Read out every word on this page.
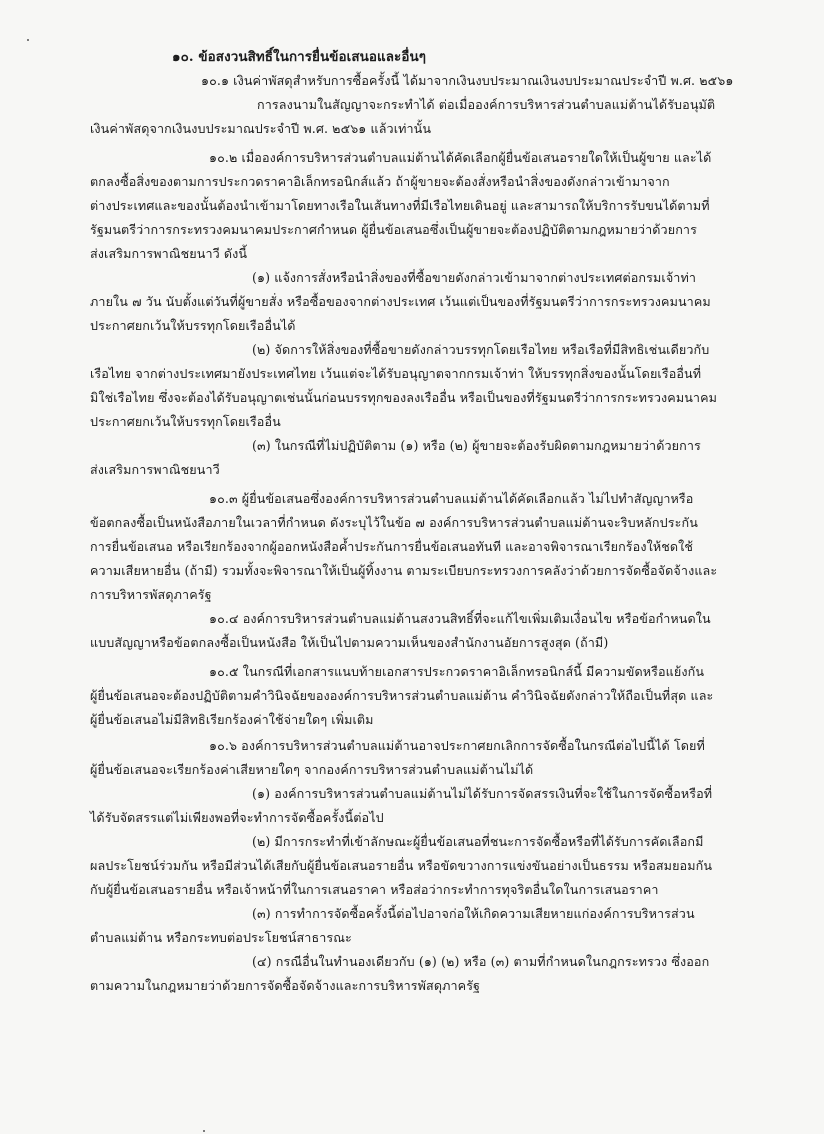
๑๐. ข้อสงวนสิทธิ์ในการยื่นข้อเสนอและอื่นๆ
๑๐.๑ เงินค่าพัสดุสำหรับการซื้อครั้งนี้ ได้มาจากเงินงบประมาณเงินงบประมาณประจำปี พ.ศ. ๒๕๖๑
การลงนามในสัญญาจะกระทำได้ ต่อเมื่อองค์การบริหารส่วนตำบลแม่ต้านได้รับอนุมัติ
เงินค่าพัสดุจากเงินงบประมาณประจำปี พ.ศ. ๒๕๖๑ แล้วเท่านั้น
๑๐.๒ เมื่อองค์การบริหารส่วนตำบลแม่ต้านได้คัดเลือกผู้ยื่นข้อเสนอรายใดให้เป็นผู้ขาย และได้
ตกลงซื้อสิ่งของตามการประกวดราคาอิเล็กทรอนิกส์แล้ว ถ้าผู้ขายจะต้องสั่งหรือนำสิ่งของดังกล่าวเข้ามาจาก
ต่างประเทศและของนั้นต้องนำเข้ามาโดยทางเรือในเส้นทางที่มีเรือไทยเดินอยู่ และสามารถให้บริการรับขนได้ตามที่
รัฐมนตรีว่าการกระทรวงคมนาคมประกาศกำหนด ผู้ยื่นข้อเสนอซึ่งเป็นผู้ขายจะต้องปฏิบัติตามกฎหมายว่าด้วยการ
ส่งเสริมการพาณิชยนาวี ดังนี้
(๑) แจ้งการสั่งหรือนำสิ่งของที่ซื้อขายดังกล่าวเข้ามาจากต่างประเทศต่อกรมเจ้าท่า
ภายใน ๗ วัน นับตั้งแต่วันที่ผู้ขายสั่ง หรือซื้อของจากต่างประเทศ เว้นแต่เป็นของที่รัฐมนตรีว่าการกระทรวงคมนาคม
ประกาศยกเว้นให้บรรทุกโดยเรืออื่นได้
(๒) จัดการให้สิ่งของที่ซื้อขายดังกล่าวบรรทุกโดยเรือไทย หรือเรือที่มีสิทธิเช่นเดียวกับ
เรือไทย จากต่างประเทศมายังประเทศไทย เว้นแต่จะได้รับอนุญาตจากกรมเจ้าท่า ให้บรรทุกสิ่งของนั้นโดยเรืออื่นที่
มิใช่เรือไทย ซึ่งจะต้องได้รับอนุญาตเช่นนั้นก่อนบรรทุกของลงเรืออื่น หรือเป็นของที่รัฐมนตรีว่าการกระทรวงคมนาคม
ประกาศยกเว้นให้บรรทุกโดยเรืออื่น
(๓) ในกรณีที่ไม่ปฏิบัติตาม (๑) หรือ (๒) ผู้ขายจะต้องรับผิดตามกฎหมายว่าด้วยการ
ส่งเสริมการพาณิชยนาวี
๑๐.๓ ผู้ยื่นข้อเสนอซึ่งองค์การบริหารส่วนตำบลแม่ต้านได้คัดเลือกแล้ว ไม่ไปทำสัญญาหรือ
ข้อตกลงซื้อเป็นหนังสือภายในเวลาที่กำหนด ดังระบุไว้ในข้อ ๗ องค์การบริหารส่วนตำบลแม่ต้านจะริบหลักประกัน
การยื่นข้อเสนอ หรือเรียกร้องจากผู้ออกหนังสือค้ำประกันการยื่นข้อเสนอทันที และอาจพิจารณาเรียกร้องให้ชดใช้
ความเสียหายอื่น (ถ้ามี) รวมทั้งจะพิจารณาให้เป็นผู้ทิ้งงาน ตามระเบียบกระทรวงการคลังว่าด้วยการจัดซื้อจัดจ้างและ
การบริหารพัสดุภาครัฐ
๑๐.๔ องค์การบริหารส่วนตำบลแม่ต้านสงวนสิทธิ์ที่จะแก้ไขเพิ่มเติมเงื่อนไข หรือข้อกำหนดใน
แบบสัญญาหรือข้อตกลงซื้อเป็นหนังสือ ให้เป็นไปตามความเห็นของสำนักงานอัยการสูงสุด (ถ้ามี)
๑๐.๕ ในกรณีที่เอกสารแนบท้ายเอกสารประกวดราคาอิเล็กทรอนิกส์นี้ มีความขัดหรือแย้งกัน
ผู้ยื่นข้อเสนอจะต้องปฏิบัติตามคำวินิจฉัยขององค์การบริหารส่วนตำบลแม่ต้าน คำวินิจฉัยดังกล่าวให้ถือเป็นที่สุด และ
ผู้ยื่นข้อเสนอไม่มีสิทธิเรียกร้องค่าใช้จ่ายใดๆ เพิ่มเติม
๑๐.๖ องค์การบริหารส่วนตำบลแม่ต้านอาจประกาศยกเลิกการจัดซื้อในกรณีต่อไปนี้ได้ โดยที่
ผู้ยื่นข้อเสนอจะเรียกร้องค่าเสียหายใดๆ จากองค์การบริหารส่วนตำบลแม่ต้านไม่ได้
(๑) องค์การบริหารส่วนตำบลแม่ต้านไม่ได้รับการจัดสรรเงินที่จะใช้ในการจัดซื้อหรือที่
ได้รับจัดสรรแต่ไม่เพียงพอที่จะทำการจัดซื้อครั้งนี้ต่อไป
(๒) มีการกระทำที่เข้าลักษณะผู้ยื่นข้อเสนอที่ชนะการจัดซื้อหรือที่ได้รับการคัดเลือกมี
ผลประโยชน์ร่วมกัน หรือมีส่วนได้เสียกับผู้ยื่นข้อเสนอรายอื่น หรือขัดขวางการแข่งขันอย่างเป็นธรรม หรือสมยอมกัน
กับผู้ยื่นข้อเสนอรายอื่น หรือเจ้าหน้าที่ในการเสนอราคา หรือส่อว่ากระทำการทุจริตอื่นใดในการเสนอราคา
(๓) การทำการจัดซื้อครั้งนี้ต่อไปอาจก่อให้เกิดความเสียหายแก่องค์การบริหารส่วน
ตำบลแม่ต้าน หรือกระทบต่อประโยชน์สาธารณะ
(๔) กรณีอื่นในทำนองเดียวกับ (๑) (๒) หรือ (๓) ตามที่กำหนดในกฎกระทรวง ซึ่งออก
ตามความในกฎหมายว่าด้วยการจัดซื้อจัดจ้างและการบริหารพัสดุภาครัฐ
